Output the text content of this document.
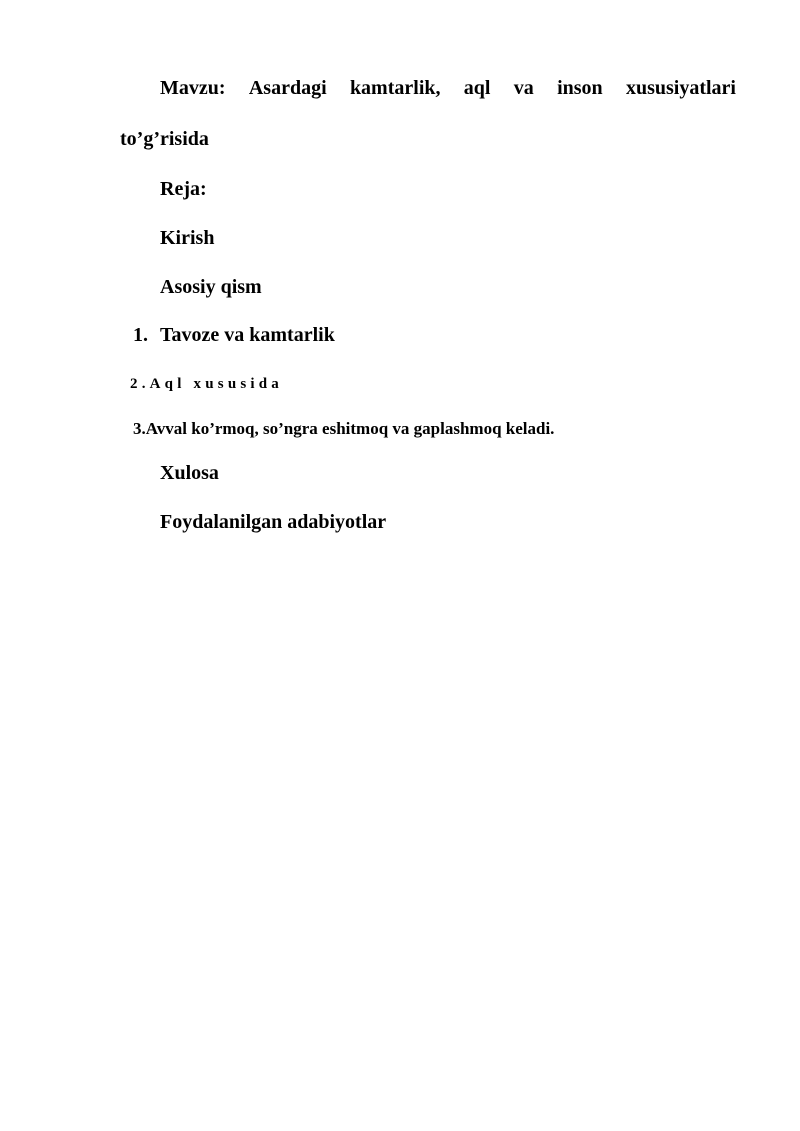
Mavzu: Asardagi kamtarlik, aql va inson xususiyatlari

to’g’risida

Reja:

Kirish

Asosiy qism

1. Tavoze va kamtarlik

2.Aql xususida

3.Avval ko’rmoq, so’ngra eshitmoq va gaplashmoq keladi.

Xulosa

Foydalanilgan adabiyotlar
